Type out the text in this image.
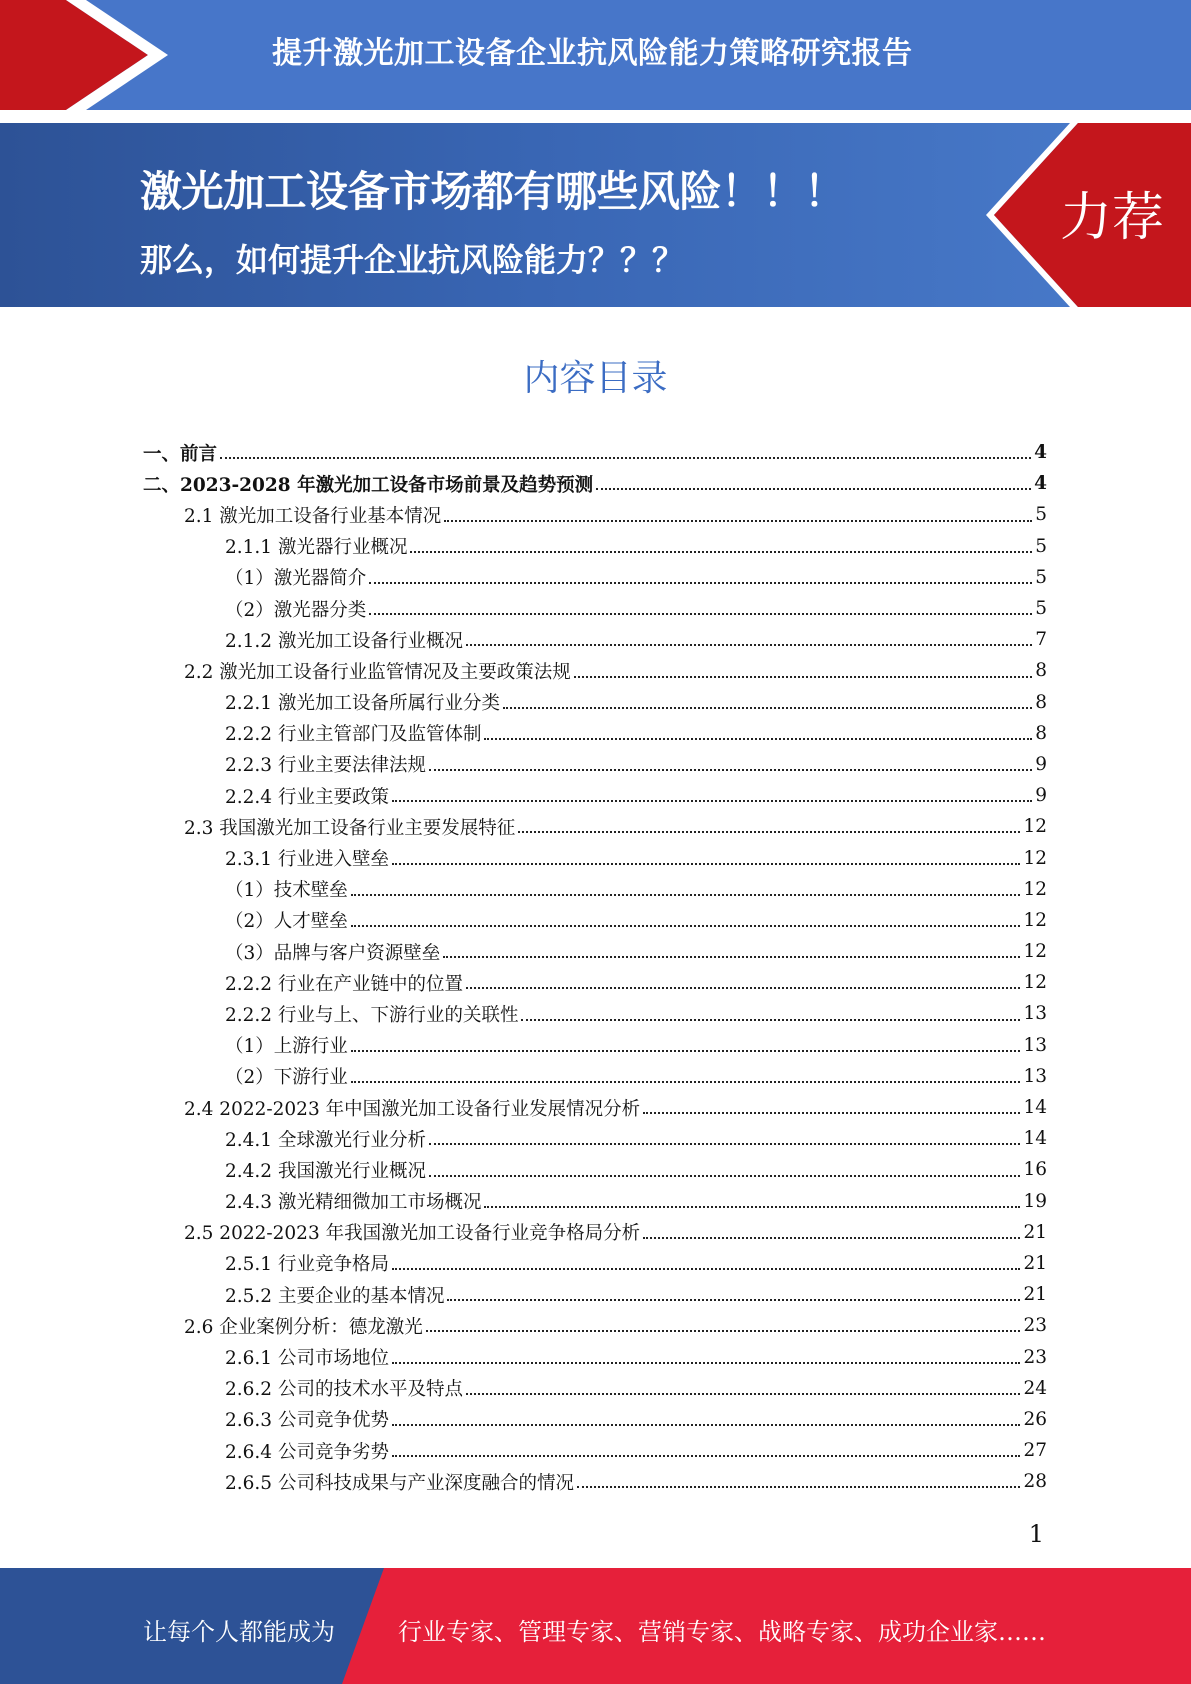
提升激光加工设备企业抗风险能力策略研究报告
激光加工设备市场都有哪些风险！！！
那么，如何提升企业抗风险能力？？？
力荐
内容目录
一、前言	4
二、2023-2028 年激光加工设备市场前景及趋势预测	4
2.1 激光加工设备行业基本情况	5
2.1.1 激光器行业概况	5
（1）激光器简介	5
（2）激光器分类	5
2.1.2 激光加工设备行业概况	7
2.2 激光加工设备行业监管情况及主要政策法规	8
2.2.1 激光加工设备所属行业分类	8
2.2.2 行业主管部门及监管体制	8
2.2.3 行业主要法律法规	9
2.2.4 行业主要政策	9
2.3 我国激光加工设备行业主要发展特征	12
2.3.1 行业进入壁垒	12
（1）技术壁垒	12
（2）人才壁垒	12
（3）品牌与客户资源壁垒	12
2.2.2 行业在产业链中的位置	12
2.2.2 行业与上、下游行业的关联性	13
（1）上游行业	13
（2）下游行业	13
2.4 2022-2023 年中国激光加工设备行业发展情况分析	14
2.4.1 全球激光行业分析	14
2.4.2 我国激光行业概况	16
2.4.3 激光精细微加工市场概况	19
2.5 2022-2023 年我国激光加工设备行业竞争格局分析	21
2.5.1 行业竞争格局	21
2.5.2 主要企业的基本情况	21
2.6 企业案例分析：德龙激光	23
2.6.1 公司市场地位	23
2.6.2 公司的技术水平及特点	24
2.6.3 公司竞争优势	26
2.6.4 公司竞争劣势	27
2.6.5 公司科技成果与产业深度融合的情况	28
1
让每个人都能成为	行业专家、管理专家、营销专家、战略专家、成功企业家……
